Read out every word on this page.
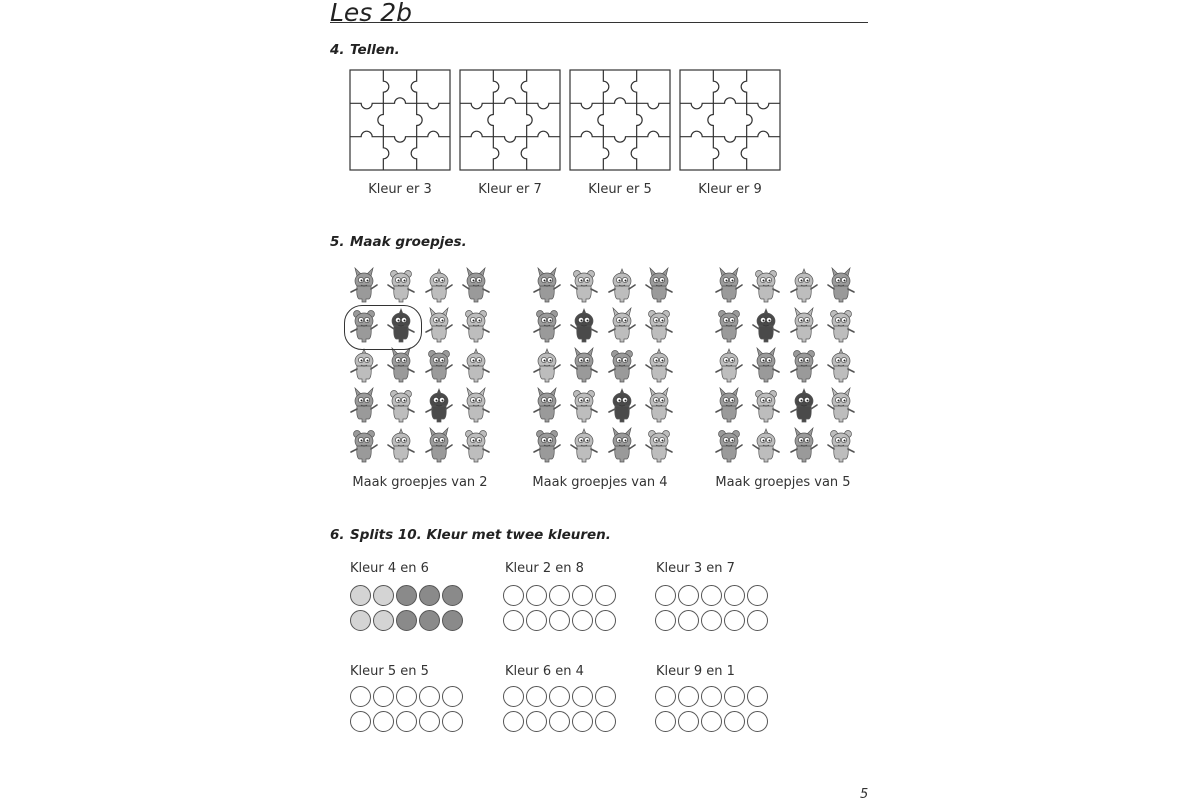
Les 2b
4. Tellen.
Kleur er 3	Kleur er 7	Kleur er 5	Kleur er 9
5. Maak groepjes.
Maak groepjes van 2	Maak groepjes van 4	Maak groepjes van 5
6. Splits 10. Kleur met twee kleuren.
Kleur 4 en 6	Kleur 2 en 8	Kleur 3 en 7
Kleur 5 en 5	Kleur 6 en 4	Kleur 9 en 1
5
